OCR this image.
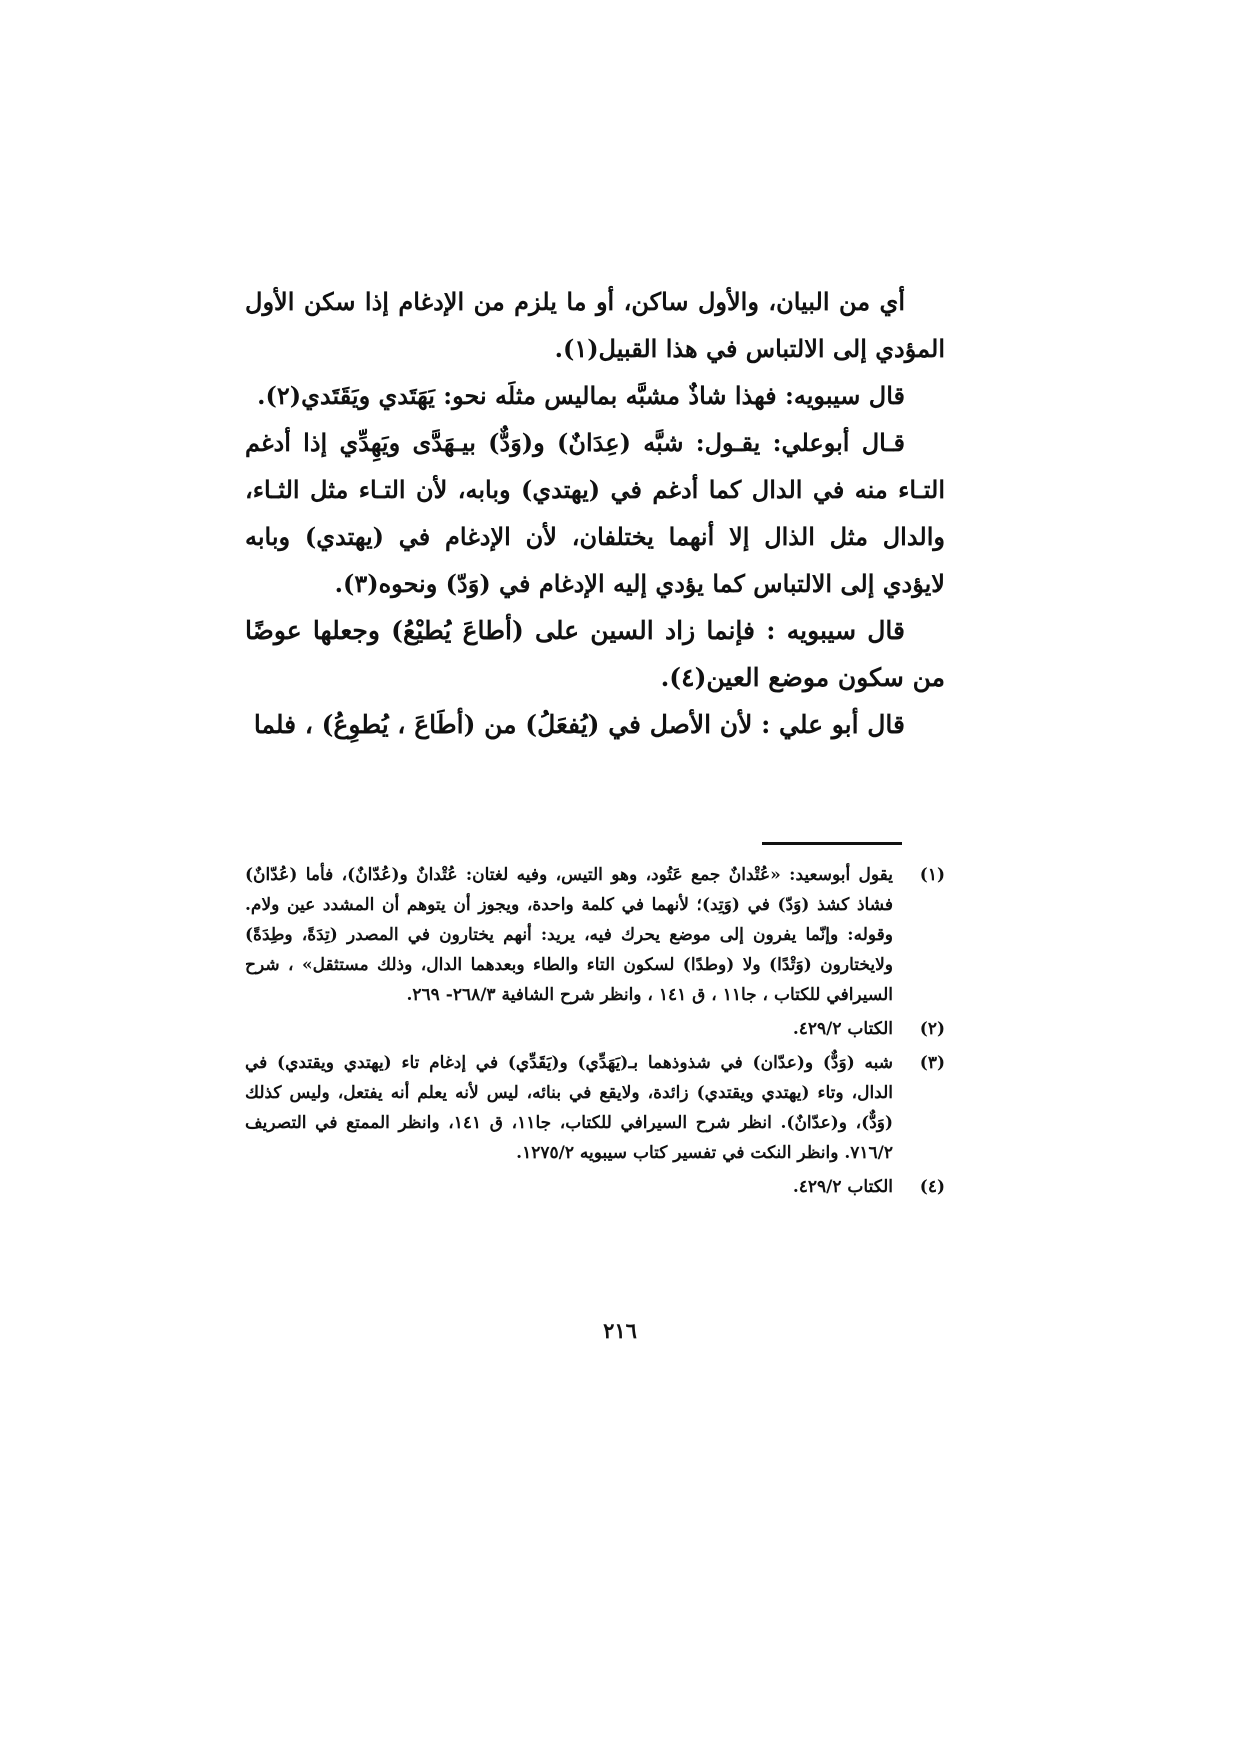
أي من البيان، والأول ساكن، أو ما يلزم من الإدغام إذا سكن الأول المؤدي إلى الالتباس في هذا القبيل(١).

قال سيبويه: فهذا شاذٌ مشبَّه بماليس مثلَه نحو: يَهَتَدي ويَقَتَدي(٢).

قـال أبوعلي: يقـول: شبَّه (عِدَانٌ) و(وَدٌّ) بيـهَدَّى ويَهِدِّي إذا أدغم التـاء منه في الدال كما أدغم في (يهتدي) وبابه، لأن التـاء مثل الثـاء، والدال مثل الذال إلا أنهما يختلفان، لأن الإدغام في (يهتدي) وبابه لايؤدي إلى الالتباس كما يؤدي إليه الإدغام في (وَدّ) ونحوه(٣).

قال سيبويه : فإنما زاد السين على (أطاعَ يُطيْعُ) وجعلها عوضًا من سكون موضع العين(٤).

قال أبو علي : لأن الأصل في (يُفعَلُ) من (أطَاعَ ، يُطوِعُ) ، فلما

(١)
يقول أبوسعيد: «عُتْدانٌ جمع عَتُود، وهو التيس، وفيه لغتان: عُتْدانٌ و(عُدّانٌ)، فأما (عُدّانٌ) فشاذ كشذ (وَدّ) في (وَتِد)؛ لأنهما في كلمة واحدة، ويجوز أن يتوهم أن المشدد عين ولام. وقوله: وإنّما يفرون إلى موضع يحرك فيه، يريد: أنهم يختارون في المصدر (تِدَةً، وطِدَةً) ولايختارون (وَتْدًا) ولا (وطدًا) لسكون التاء والطاء وبعدهما الدال، وذلك مستثقل» ، شرح السيرافي للكتاب ، جا١١ ، ق ١٤١ ، وانظر شرح الشافية ٢٦٨/٣- ٢٦٩.
(٢)
الكتاب ٤٢٩/٢.
(٣)
شبه (وَدٌّ) و(عدّان) في شذوذهما بـ(يَهَدِّي) و(يَقَدِّي) في إدغام تاء (يهتدي ويقتدي) في الدال، وتاء (يهتدي ويقتدي) زائدة، ولايقع في بنائه، ليس لأنه يعلم أنه يفتعل، وليس كذلك (وَدٌّ)، و(عدّانٌ). انظر شرح السيرافي للكتاب، جا١١، ق ١٤١، وانظر الممتع في التصريف ٧١٦/٢. وانظر النكت في تفسير كتاب سيبويه ١٢٧٥/٢.
(٤)
الكتاب ٤٢٩/٢.
٢١٦
